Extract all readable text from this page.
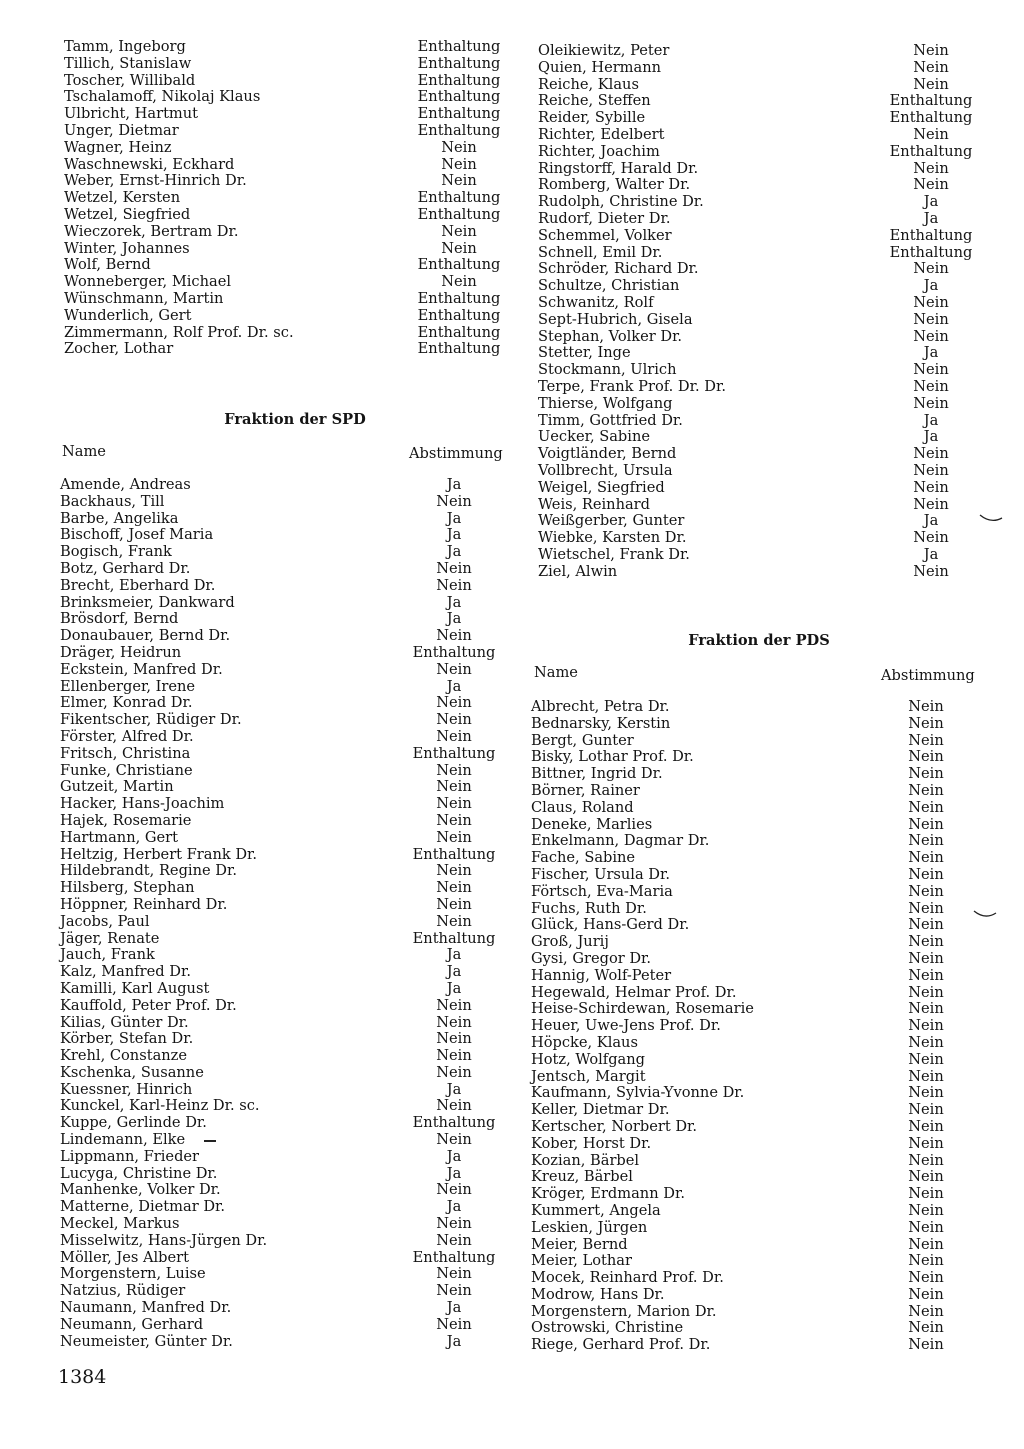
Tamm, Ingeborg	Enthaltung
Tillich, Stanislaw	Enthaltung
Toscher, Willibald	Enthaltung
Tschalamoff, Nikolaj Klaus	Enthaltung
Ulbricht, Hartmut	Enthaltung
Unger, Dietmar	Enthaltung
Wagner, Heinz	Nein
Waschnewski, Eckhard	Nein
Weber, Ernst-Hinrich Dr.	Nein
Wetzel, Kersten	Enthaltung
Wetzel, Siegfried	Enthaltung
Wieczorek, Bertram Dr.	Nein
Winter, Johannes	Nein
Wolf, Bernd	Enthaltung
Wonneberger, Michael	Nein
Wünschmann, Martin	Enthaltung
Wunderlich, Gert	Enthaltung
Zimmermann, Rolf Prof. Dr. sc.	Enthaltung
Zocher, Lothar	Enthaltung
Fraktion der SPD
Name	Abstimmung
Amende, Andreas	Ja
Backhaus, Till	Nein
Barbe, Angelika	Ja
Bischoff, Josef Maria	Ja
Bogisch, Frank	Ja
Botz, Gerhard Dr.	Nein
Brecht, Eberhard Dr.	Nein
Brinksmeier, Dankward	Ja
Brösdorf, Bernd	Ja
Donaubauer, Bernd Dr.	Nein
Dräger, Heidrun	Enthaltung
Eckstein, Manfred Dr.	Nein
Ellenberger, Irene	Ja
Elmer, Konrad Dr.	Nein
Fikentscher, Rüdiger Dr.	Nein
Förster, Alfred Dr.	Nein
Fritsch, Christina	Enthaltung
Funke, Christiane	Nein
Gutzeit, Martin	Nein
Hacker, Hans-Joachim	Nein
Hajek, Rosemarie	Nein
Hartmann, Gert	Nein
Heltzig, Herbert Frank Dr.	Enthaltung
Hildebrandt, Regine Dr.	Nein
Hilsberg, Stephan	Nein
Höppner, Reinhard Dr.	Nein
Jacobs, Paul	Nein
Jäger, Renate	Enthaltung
Jauch, Frank	Ja
Kalz, Manfred Dr.	Ja
Kamilli, Karl August	Ja
Kauffold, Peter Prof. Dr.	Nein
Kilias, Günter Dr.	Nein
Körber, Stefan Dr.	Nein
Krehl, Constanze	Nein
Kschenka, Susanne	Nein
Kuessner, Hinrich	Ja
Kunckel, Karl-Heinz Dr. sc.	Nein
Kuppe, Gerlinde Dr.	Enthaltung
Lindemann, Elke	Nein
Lippmann, Frieder	Ja
Lucyga, Christine Dr.	Ja
Manhenke, Volker Dr.	Nein
Matterne, Dietmar Dr.	Ja
Meckel, Markus	Nein
Misselwitz, Hans-Jürgen Dr.	Nein
Möller, Jes Albert	Enthaltung
Morgenstern, Luise	Nein
Natzius, Rüdiger	Nein
Naumann, Manfred Dr.	Ja
Neumann, Gerhard	Nein
Neumeister, Günter Dr.	Ja
Oleikiewitz, Peter	Nein
Quien, Hermann	Nein
Reiche, Klaus	Nein
Reiche, Steffen	Enthaltung
Reider, Sybille	Enthaltung
Richter, Edelbert	Nein
Richter, Joachim	Enthaltung
Ringstorff, Harald Dr.	Nein
Romberg, Walter Dr.	Nein
Rudolph, Christine Dr.	Ja
Rudorf, Dieter Dr.	Ja
Schemmel, Volker	Enthaltung
Schnell, Emil Dr.	Enthaltung
Schröder, Richard Dr.	Nein
Schultze, Christian	Ja
Schwanitz, Rolf	Nein
Sept-Hubrich, Gisela	Nein
Stephan, Volker Dr.	Nein
Stetter, Inge	Ja
Stockmann, Ulrich	Nein
Terpe, Frank Prof. Dr. Dr.	Nein
Thierse, Wolfgang	Nein
Timm, Gottfried Dr.	Ja
Uecker, Sabine	Ja
Voigtländer, Bernd	Nein
Vollbrecht, Ursula	Nein
Weigel, Siegfried	Nein
Weis, Reinhard	Nein
Weißgerber, Gunter	Ja
Wiebke, Karsten Dr.	Nein
Wietschel, Frank Dr.	Ja
Ziel, Alwin	Nein
Fraktion der PDS
Name	Abstimmung
Albrecht, Petra Dr.	Nein
Bednarsky, Kerstin	Nein
Bergt, Gunter	Nein
Bisky, Lothar Prof. Dr.	Nein
Bittner, Ingrid Dr.	Nein
Börner, Rainer	Nein
Claus, Roland	Nein
Deneke, Marlies	Nein
Enkelmann, Dagmar Dr.	Nein
Fache, Sabine	Nein
Fischer, Ursula Dr.	Nein
Förtsch, Eva-Maria	Nein
Fuchs, Ruth Dr.	Nein
Glück, Hans-Gerd Dr.	Nein
Groß, Jurij	Nein
Gysi, Gregor Dr.	Nein
Hannig, Wolf-Peter	Nein
Hegewald, Helmar Prof. Dr.	Nein
Heise-Schirdewan, Rosemarie	Nein
Heuer, Uwe-Jens Prof. Dr.	Nein
Höpcke, Klaus	Nein
Hotz, Wolfgang	Nein
Jentsch, Margit	Nein
Kaufmann, Sylvia-Yvonne Dr.	Nein
Keller, Dietmar Dr.	Nein
Kertscher, Norbert Dr.	Nein
Kober, Horst Dr.	Nein
Kozian, Bärbel	Nein
Kreuz, Bärbel	Nein
Kröger, Erdmann Dr.	Nein
Kummert, Angela	Nein
Leskien, Jürgen	Nein
Meier, Bernd	Nein
Meier, Lothar	Nein
Mocek, Reinhard Prof. Dr.	Nein
Modrow, Hans Dr.	Nein
Morgenstern, Marion Dr.	Nein
Ostrowski, Christine	Nein
Riege, Gerhard Prof. Dr.	Nein
1384
